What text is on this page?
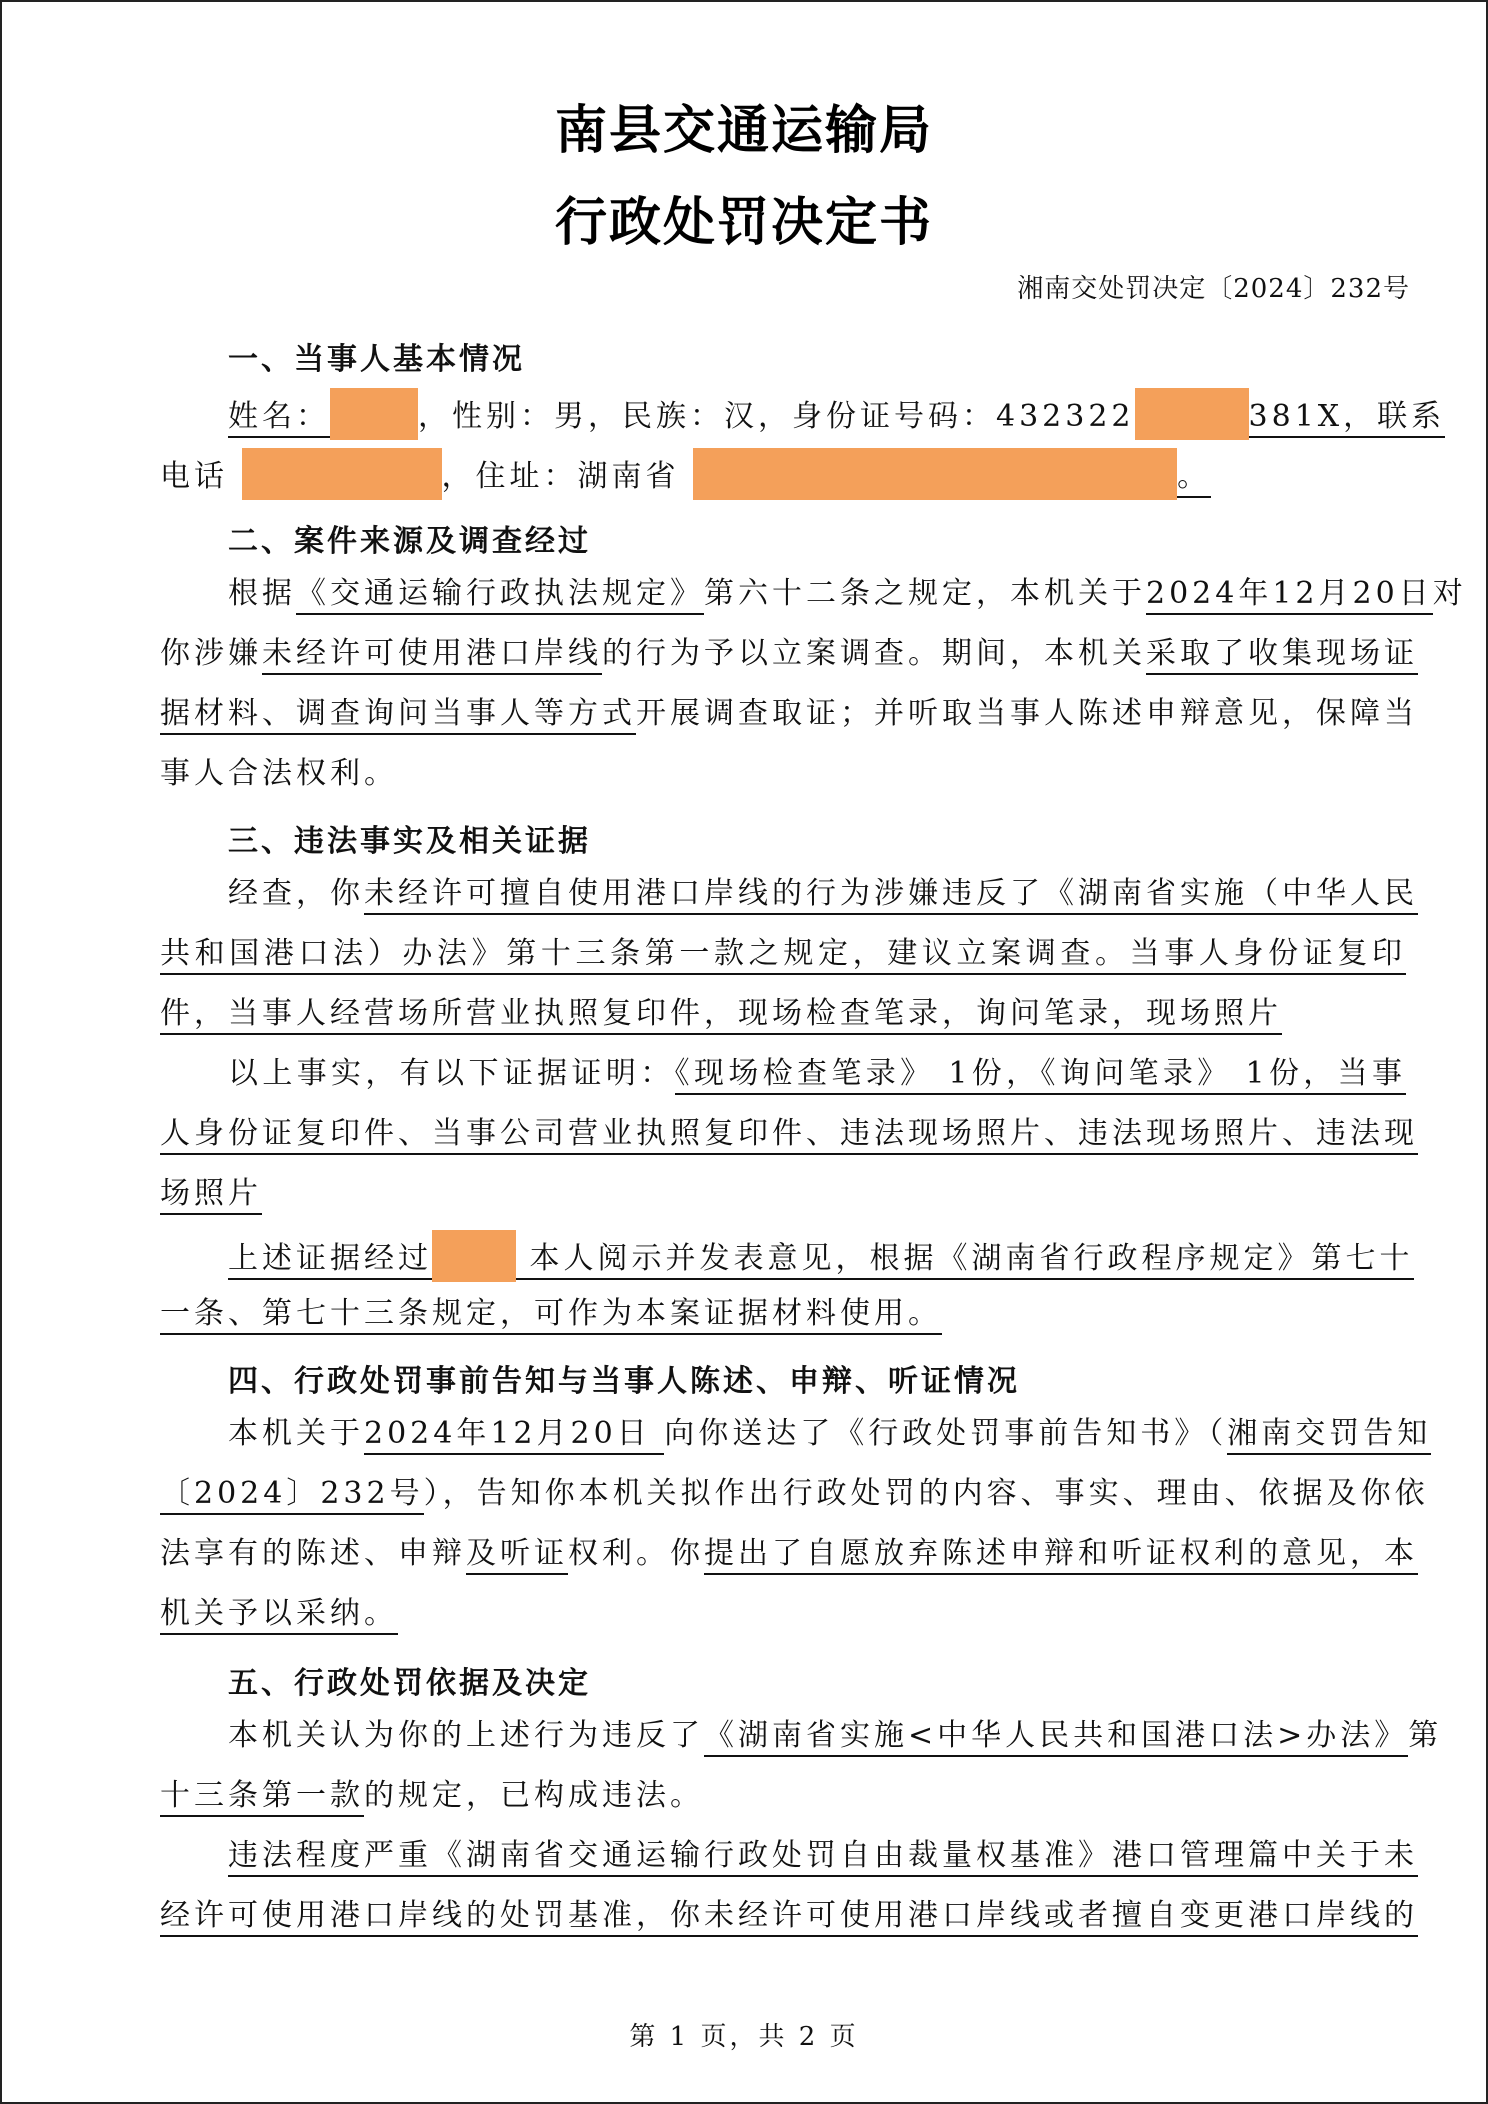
南县交通运输局
行政处罚决定书
湘南交处罚决定〔2024〕232号
一、当事人基本情况
姓名：	，性别：男，民族：汉，身份证号码：432322	381X，联系
电话	，住址：湖南省	。
二、案件来源及调查经过
根据《交通运输行政执法规定》第六十二条之规定，本机关于2024年12月20日对
你涉嫌未经许可使用港口岸线的行为予以立案调查。期间，本机关采取了收集现场证
据材料、调查询问当事人等方式开展调查取证；并听取当事人陈述申辩意见，保障当
事人合法权利。
三、违法事实及相关证据
经查，你未经许可擅自使用港口岸线的行为涉嫌违反了《湖南省实施（中华人民
共和国港口法）办法》第十三条第一款之规定，建议立案调查。当事人身份证复印
件，当事人经营场所营业执照复印件，现场检查笔录，询问笔录，现场照片
以上事实，有以下证据证明：《现场检查笔录》 1份，《询问笔录》 1份，当事
人身份证复印件、当事公司营业执照复印件、违法现场照片、违法现场照片、违法现
场照片
上述证据经过	本人阅示并发表意见，根据《湖南省行政程序规定》第七十
一条、第七十三条规定，可作为本案证据材料使用。
四、行政处罚事前告知与当事人陈述、申辩、听证情况
本机关于2024年12月20日 向你送达了《行政处罚事前告知书》（湘南交罚告知
〔2024〕232号），告知你本机关拟作出行政处罚的内容、事实、理由、依据及你依
法享有的陈述、申辩及听证权利。你提出了自愿放弃陈述申辩和听证权利的意见，本
机关予以采纳。
五、行政处罚依据及决定
本机关认为你的上述行为违反了《湖南省实施<中华人民共和国港口法>办法》第
十三条第一款的规定，已构成违法。
违法程度严重《湖南省交通运输行政处罚自由裁量权基准》港口管理篇中关于未
经许可使用港口岸线的处罚基准，你未经许可使用港口岸线或者擅自变更港口岸线的
第 1 页，共 2 页
